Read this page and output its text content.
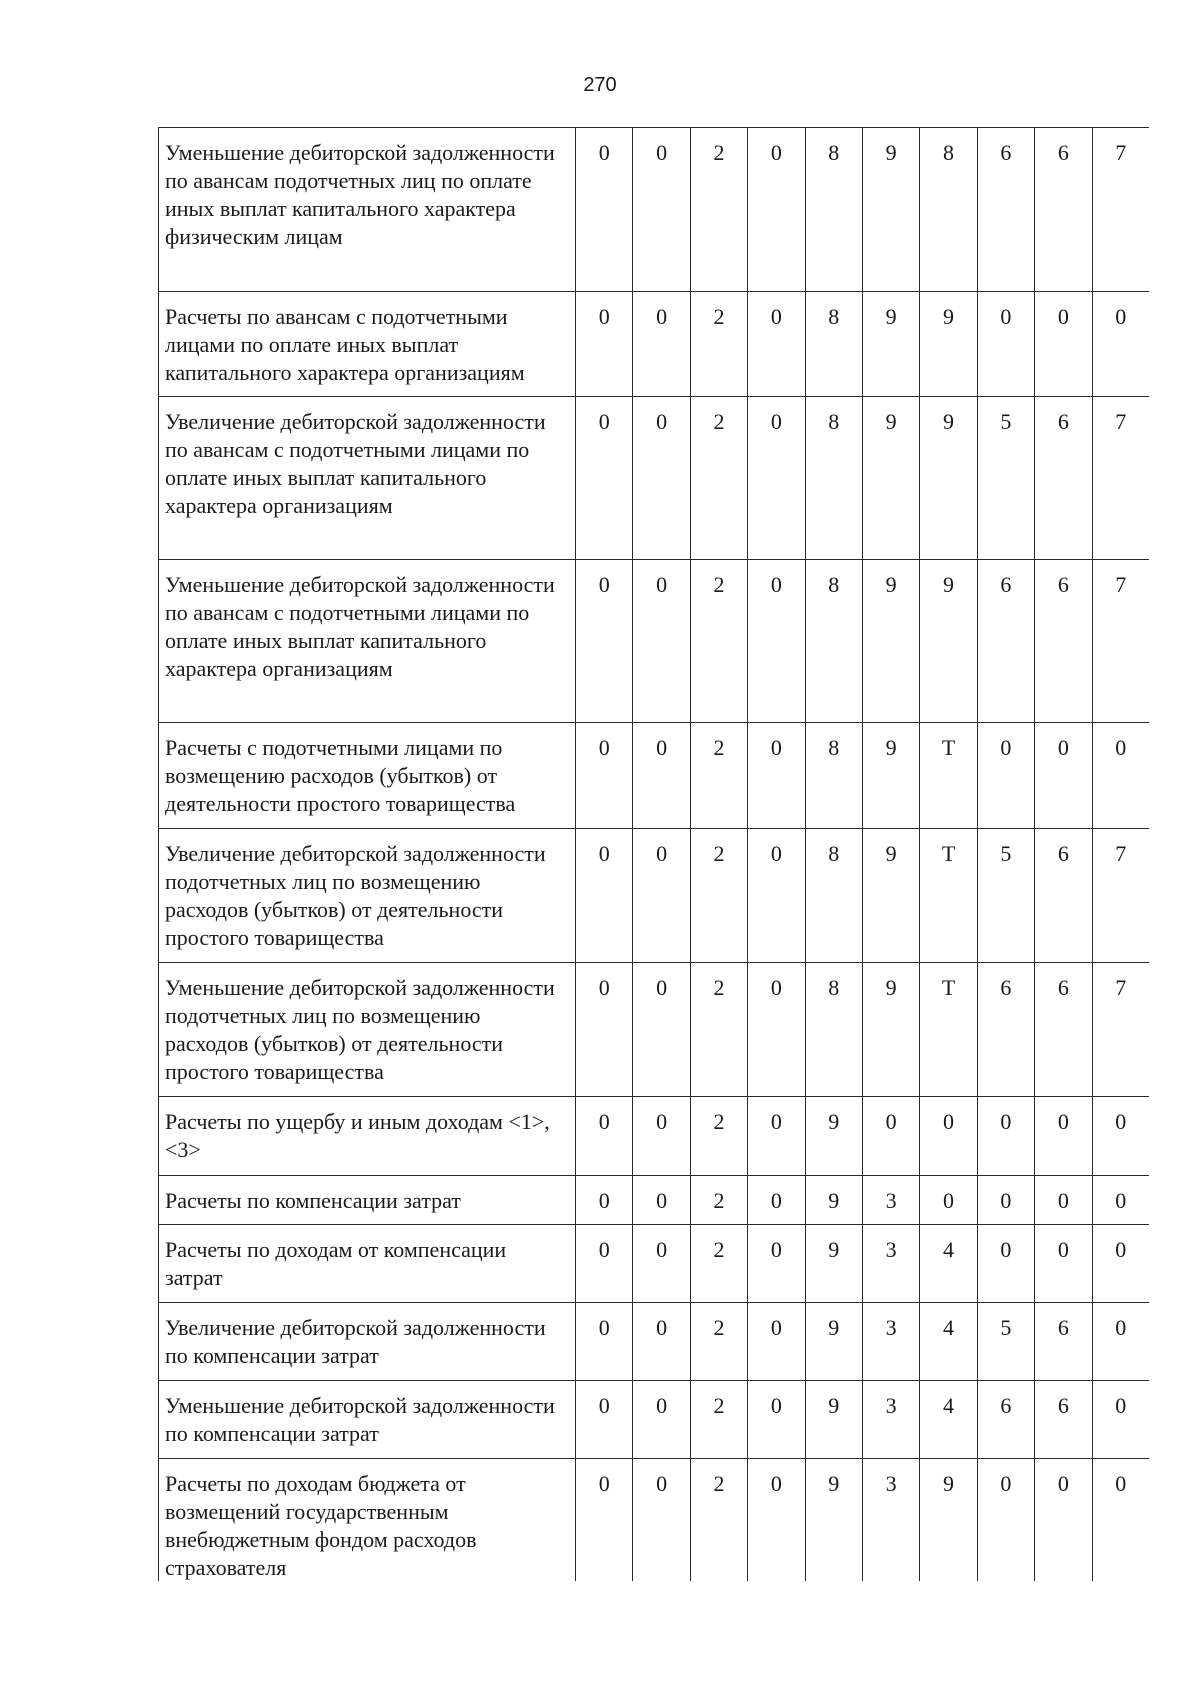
270
Уменьшение дебиторской задолженности по авансам подотчетных лиц по оплате иных выплат капитального характера физическим лицам	0	0	2	0	8	9	8	6	6	7
Расчеты по авансам с подотчетными лицами по оплате иных выплат капитального характера организациям	0	0	2	0	8	9	9	0	0	0
Увеличение дебиторской задолженности по авансам с подотчетными лицами по оплате иных выплат капитального характера организациям	0	0	2	0	8	9	9	5	6	7
Уменьшение дебиторской задолженности по авансам с подотчетными лицами по оплате иных выплат капитального характера организациям	0	0	2	0	8	9	9	6	6	7
Расчеты с подотчетными лицами по возмещению расходов (убытков) от деятельности простого товарищества	0	0	2	0	8	9	Т	0	0	0
Увеличение дебиторской задолженности подотчетных лиц по возмещению расходов (убытков) от деятельности простого товарищества	0	0	2	0	8	9	Т	5	6	7
Уменьшение дебиторской задолженности подотчетных лиц по возмещению расходов (убытков) от деятельности простого товарищества	0	0	2	0	8	9	Т	6	6	7
Расчеты по ущербу и иным доходам <1>, <3>	0	0	2	0	9	0	0	0	0	0
Расчеты по компенсации затрат	0	0	2	0	9	3	0	0	0	0
Расчеты по доходам от компенсации затрат	0	0	2	0	9	3	4	0	0	0
Увеличение дебиторской задолженности по компенсации затрат	0	0	2	0	9	3	4	5	6	0
Уменьшение дебиторской задолженности по компенсации затрат	0	0	2	0	9	3	4	6	6	0
Расчеты по доходам бюджета от возмещений государственным внебюджетным фондом расходов страхователя	0	0	2	0	9	3	9	0	0	0
